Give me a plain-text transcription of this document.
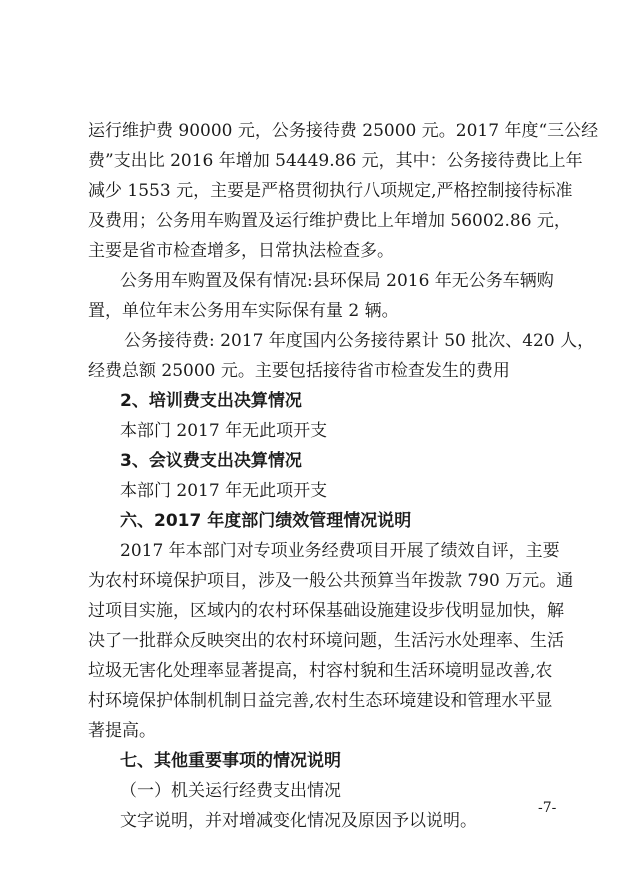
运行维护费 90000 元，公务接待费 25000 元。2017 年度“三公经
费”支出比 2016 年增加 54449.86 元，其中：公务接待费比上年
减少 1553 元，主要是严格贯彻执行八项规定,严格控制接待标准
及费用；公务用车购置及运行维护费比上年增加 56002.86 元，
主要是省市检查增多，日常执法检查多。
公务用车购置及保有情况:县环保局 2016 年无公务车辆购
置，单位年末公务用车实际保有量 2 辆。
公务接待费: 2017 年度国内公务接待累计 50 批次、420 人，
经费总额 25000 元。主要包括接待省市检查发生的费用
2、培训费支出决算情况
本部门 2017 年无此项开支
3、会议费支出决算情况
本部门 2017 年无此项开支
六、2017 年度部门绩效管理情况说明
2017 年本部门对专项业务经费项目开展了绩效自评，主要
为农村环境保护项目，涉及一般公共预算当年拨款 790 万元。通
过项目实施，区域内的农村环保基础设施建设步伐明显加快，解
决了一批群众反映突出的农村环境问题，生活污水处理率、生活
垃圾无害化处理率显著提高，村容村貌和生活环境明显改善,农
村环境保护体制机制日益完善,农村生态环境建设和管理水平显
著提高。
七、其他重要事项的情况说明
（一）机关运行经费支出情况
文字说明，并对增减变化情况及原因予以说明。
-7-
